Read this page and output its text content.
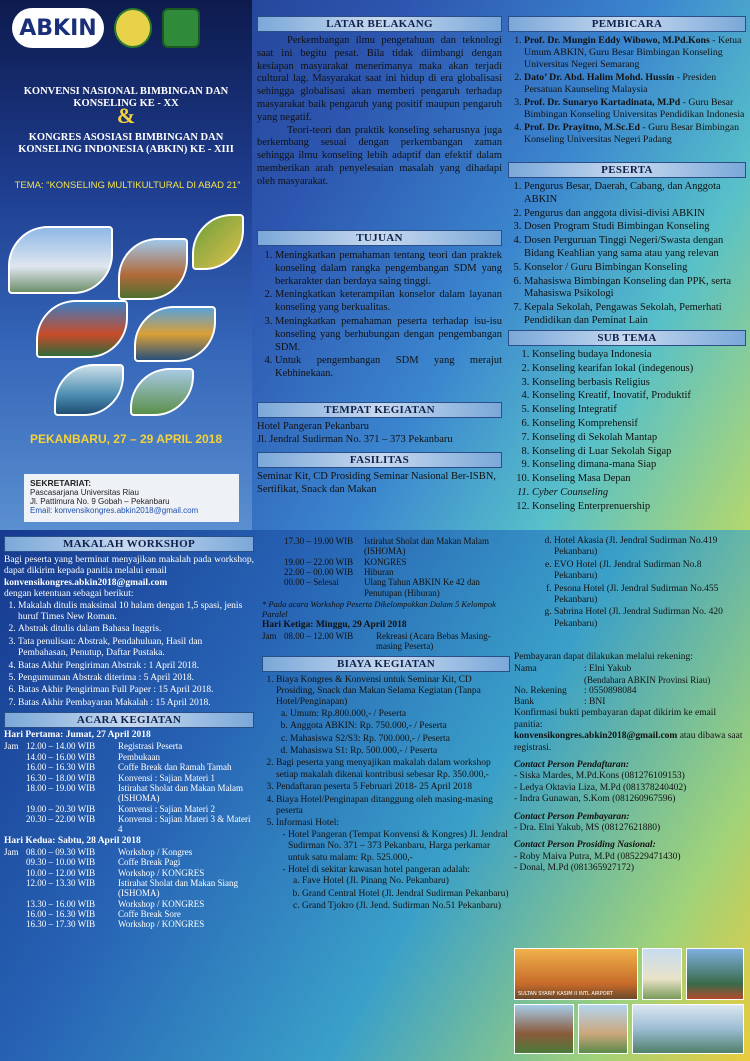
ABKIN
KONVENSI NASIONAL BIMBINGAN DAN KONSELING KE - XX
&
KONGRES ASOSIASI BIMBINGAN DAN KONSELING INDONESIA (ABKIN) KE - XIII
TEMA: “KONSELING MULTIKULTURAL DI ABAD 21”
PEKANBARU, 27 – 29 APRIL 2018
SEKRETARIAT:
Pascasarjana Universitas Riau
Jl. Pattimura No. 9 Gobah – Pekanbaru
Email: konvensikongres.abkin2018@gmail.com
LATAR BELAKANG

Perkembangan ilmu pengetahuan dan teknologi saat ini begitu pesat. Bila tidak diimbangi dengan kesiapan masyarakat menerimanya maka akan terjadi cultural lag. Masyarakat saat ini hidup di era globalisasi sehingga globalisasi akan memberi pengaruh terhadap masyarakat baik pengaruh yang positif maupun pengaruh yang negatif.

Teori-teori dan praktik konseling seharusnya juga berkembang sesuai dengan perkembangan zaman sehingga ilmu konseling lebih adaptif dan efektif dalam memberikan arah penyelesaian masalah yang dihadapi oleh masyarakat.

TUJUAN
1. Meningkatkan pemahaman tentang teori dan praktek konseling dalam rangka pengembangan SDM yang berkarakter dan berdaya saing tinggi.
2. Meningkatkan keterampilan konselor dalam layanan konseling yang berkualitas.
3. Meningkatkan pemahaman peserta terhadap isu-isu konseling yang berhubungan dengan pengembangan SDM.
4. Untuk pengembangan SDM yang merajut Kebhinekaan.
TEMPAT KEGIATAN

Hotel Pangeran Pekanbaru

Jl. Jendral Sudirman No. 371 – 373 Pekanbaru

FASILITAS

Seminar Kit, CD Prosiding Seminar Nasional Ber-ISBN, Sertifikat, Snack dan Makan

PEMBICARA
1. Prof. Dr. Mungin Eddy Wibowo, M.Pd.Kons - Ketua Umum ABKIN, Guru Besar Bimbingan Konseling Universitas Negeri Semarang
2. Dato’ Dr. Abd. Halim Mohd. Hussin - Presiden Persatuan Kaunseling Malaysia
3. Prof. Dr. Sunaryo Kartadinata, M.Pd - Guru Besar Bimbingan Konseling Universitas Pendidikan Indonesia
4. Prof. Dr. Prayitno, M.Sc.Ed - Guru Besar Bimbingan Konseling Universitas Negeri Padang
PESERTA
1. Pengurus Besar, Daerah, Cabang, dan Anggota ABKIN
2. Pengurus dan anggota divisi-divisi ABKIN
3. Dosen Program Studi Bimbingan Konseling
4. Dosen Perguruan Tinggi Negeri/Swasta dengan Bidang Keahlian yang sama atau yang relevan
5. Konselor / Guru Bimbingan Konseling
6. Mahasiswa Bimbingan Konseling dan PPK, serta Mahasiswa Psikologi
7. Kepala Sekolah, Pengawas Sekolah, Pemerhati Pendidikan dan Peminat Lain
SUB TEMA
1. Konseling budaya Indonesia
2. Konseling kearifan lokal (indegenous)
3. Konseling berbasis Religius
4. Konseling Kreatif, Inovatif, Produktif
5. Konseling Integratif
6. Konseling Komprehensif
7. Konseling di Sekolah Mantap
8. Konseling di Luar Sekolah Sigap
9. Konseling dimana-mana Siap
10. Konseling Masa Depan
11. Cyber Counseling
12. Konseling Enterprenuership
MAKALAH WORKSHOP

Bagi peserta yang berminat menyajikan makalah pada workshop, dapat dikirim kepada panitia melalui email

konvensikongres.abkin2018@gmail.com

dengan ketentuan sebagai berikut:

1. Makalah ditulis maksimal 10 halam dengan 1,5 spasi, jenis huruf Times New Roman.
2. Abstrak ditulis dalam Bahasa Inggris.
3. Tata penulisan: Abstrak, Pendahuluan, Hasil dan Pembahasan, Penutup, Daftar Pustaka.
4. Batas Akhir Pengiriman Abstrak : 1 April 2018.
5. Pengumuman Abstrak diterima : 5 April 2018.
6. Batas Akhir Pengiriman Full Paper : 15 April 2018.
7. Batas Akhir Pembayaran Makalah : 15 April 2018.
ACARA KEGIATAN

Hari Pertama: Jumat, 27 April 2018

Jam 12.00 – 14.00 WIB	Registrasi Peserta
14.00 – 16.00 WIB	Pembukaan
16.00 – 16.30 WIB	Coffe Break dan Ramah Tamah
16.30 – 18.00 WIB	Konvensi : Sajian Materi 1
18.00 – 19.00 WIB	Istirahat Sholat dan Makan Malam (ISHOMA)
19.00 – 20.30 WIB	Konvensi : Sajian Materi 2
20.30 – 22.00 WIB	Konvensi : Sajian Materi 3 & Materi 4

Hari Kedua: Sabtu, 28 April 2018

Jam 08.00 – 09.30 WIB	Workshop / Kongres
09.30 – 10.00 WIB	Coffe Break Pagi
10.00 – 12.00 WIB	Workshop / KONGRES
12.00 – 13.30 WIB	Istirahat Sholat dan Makan Siang (ISHOMA)
13.30 – 16.00 WIB	Workshop / KONGRES
16.00 – 16.30 WIB	Coffe Break Sore
16.30 – 17.30 WIB	Workshop / KONGRES
17.30 – 19.00 WIB	Istirahat Sholat dan Makan Malam (ISHOMA)
19.00 – 22.00 WIB	KONGRES
22.00 – 00.00 WIB	Hiburan
00.00 – Selesai	Ulang Tahun ABKIN Ke 42 dan Penutupan (Hiburan)

* Pada acara Workshop Peserta Dikelompokkan Dalam 5 Kelompok Paralel

Hari Ketiga: Minggu, 29 April 2018

Jam 08.00 – 12.00 WIB	Rekreasi (Acara Bebas Masing-masing Peserta)
BIAYA KEGIATAN
1. Biaya Kongres & Konvensi untuk Seminar Kit, CD Prosiding, Snack dan Makan Selama Kegiatan (Tanpa Hotel/Penginapan)
a. Umum: Rp.800.000,- / Peserta
b. Anggota ABKIN: Rp. 750.000,- / Peserta
c. Mahasiswa S2/S3: Rp. 700.000,- / Peserta
d. Mahasiswa S1: Rp. 500.000,- / Peserta
2. Bagi peserta yang menyajikan makalah dalam workshop setiap makalah dikenai kontribusi sebesar Rp. 350.000,-
3. Pendaftaran peserta 5 Februari 2018- 25 April 2018
4. Biaya Hotel/Penginapan ditanggung oleh masing-masing peserta
5. Informasi Hotel:
- Hotel Pangeran (Tempat Konvensi & Kongres) Jl. Jendral Sudirman No. 371 – 373 Pekanbaru, Harga perkamar untuk satu malam: Rp. 525.000,-
- Hotel di sekitar kawasan hotel pangeran adalah:
a. Fave Hotel (Jl. Pinang No. Pekanbaru)
b. Grand Central Hotel (Jl. Jendral Sudirman Pekanbaru)
c. Grand Tjokro (Jl. Jend. Sudirman No.51 Pekanbaru)
d. Hotel Akasia (Jl. Jendral Sudirman No.419 Pekanbaru)
e. EVO Hotel (Jl. Jendral Sudirman No.8 Pekanbaru)
f. Pesona Hotel (Jl. Jendral Sudirman No.455 Pekanbaru)
g. Sabrina Hotel (Jl. Jendral Sudirman No. 420 Pekanbaru)

Pembayaran dapat dilakukan melalui rekening:

Nama	: Elni Yakub
(Bendahara ABKIN Provinsi Riau)
No. Rekening	: 0550898084
Bank	: BNI

Konfirmasi bukti pembayaran dapat dikirim ke email panitia:

konvensikongres.abkin2018@gmail.com atau dibawa saat registrasi.

Contact Person Pendaftaran:

- Siska Mardes, M.Pd.Kons (081276109153)

- Ledya Oktavia Liza, M.Pd (081378240402)

- Indra Gunawan, S.Kom (081260967596)

Contact Person Pembayaran:

- Dra. Elni Yakub, MS (08127621880)

Contact Person Prosiding Nasional:

- Roby Maiva Putra, M.Pd (085229471430)

- Donal, M.Pd (081365927172)

SULTAN SYARIF KASIM II INTL AIRPORT
